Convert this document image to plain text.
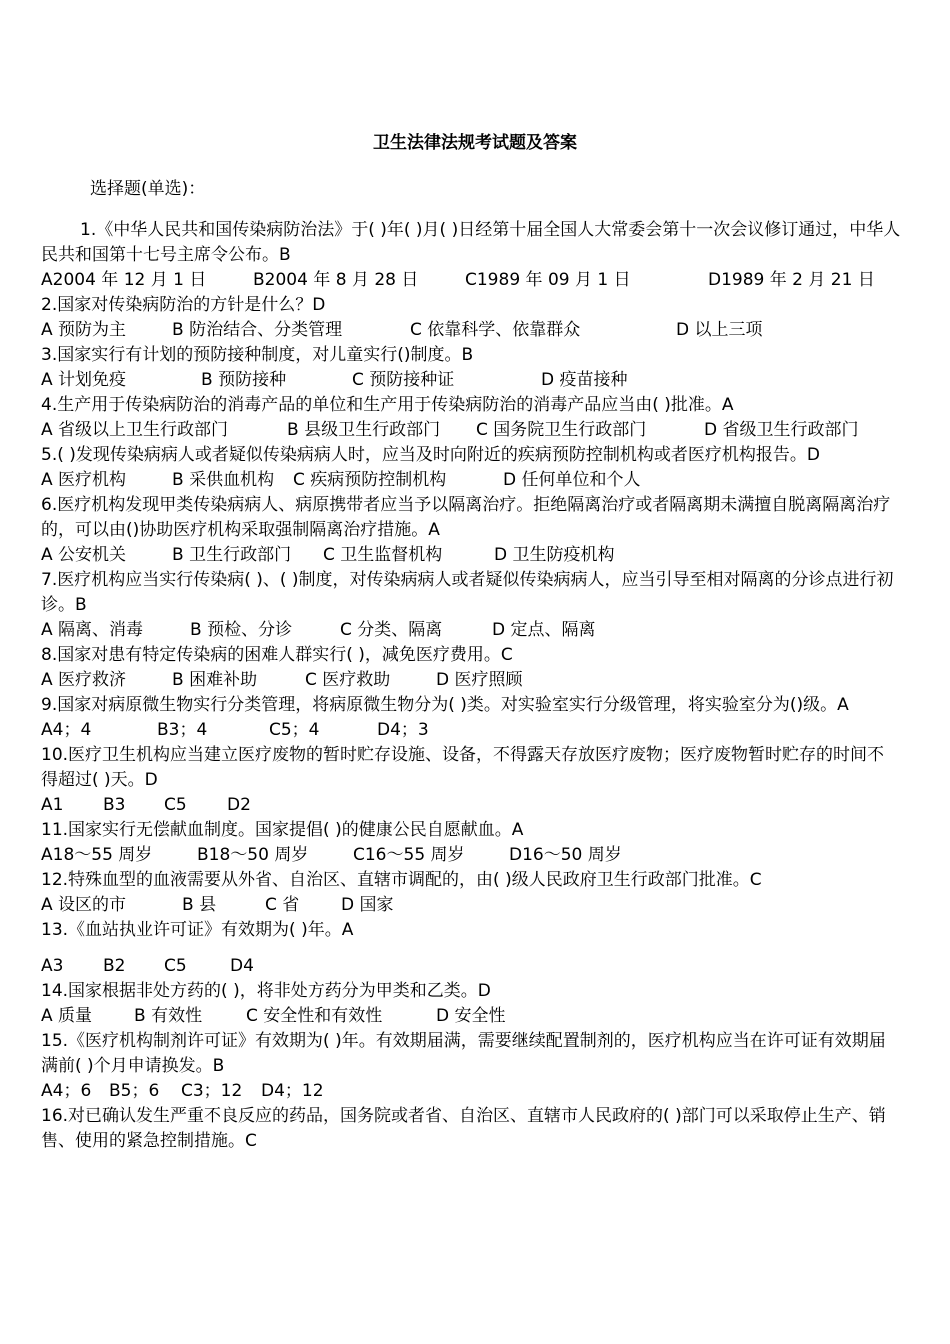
卫生法律法规考试题及答案
选择题(单选)：

1.《中华人民共和国传染病防治法》于( )年( )月( )日经第十届全国人大常委会第十一次会议修订通过，中华人民共和国第十七号主席令公布。B

A2004 年 12 月 1 日	B2004 年 8 月 28 日	C1989 年 09 月 1 日	D1989 年 2 月 21 日

2.国家对传染病防治的方针是什么？D

A 预防为主	B 防治结合、分类管理	C 依靠科学、依靠群众	D 以上三项

3.国家实行有计划的预防接种制度，对儿童实行()制度。B

A 计划免疫	B 预防接种	C 预防接种证	D 疫苗接种

4.生产用于传染病防治的消毒产品的单位和生产用于传染病防治的消毒产品应当由( )批准。A

A 省级以上卫生行政部门	B 县级卫生行政部门 C 国务院卫生行政部门	D 省级卫生行政部门

5.( )发现传染病病人或者疑似传染病病人时，应当及时向附近的疾病预防控制机构或者医疗机构报告。D

A 医疗机构	B 采供血机构 C 疾病预防控制机构	D 任何单位和个人

6.医疗机构发现甲类传染病病人、病原携带者应当予以隔离治疗。拒绝隔离治疗或者隔离期未满擅自脱离隔离治疗的，可以由()协助医疗机构采取强制隔离治疗措施。A

A 公安机关	B 卫生行政部门 C 卫生监督机构	D 卫生防疫机构

7.医疗机构应当实行传染病( )、( )制度，对传染病病人或者疑似传染病病人，应当引导至相对隔离的分诊点进行初诊。B

A 隔离、消毒	B 预检、分诊	C 分类、隔离	D 定点、隔离

8.国家对患有特定传染病的困难人群实行( )，减免医疗费用。C

A 医疗救济	B 困难补助	C 医疗救助	D 医疗照顾

9.国家对病原微生物实行分类管理，将病原微生物分为( )类。对实验室实行分级管理，将实验室分为()级。A

A4；4	B3；4	C5；4	D4；3

10.医疗卫生机构应当建立医疗废物的暂时贮存设施、设备，不得露天存放医疗废物；医疗废物暂时贮存的时间不得超过( )天。D

A1 B3 C5 D2

11.国家实行无偿献血制度。国家提倡( )的健康公民自愿献血。A

A18～55 周岁	B18～50 周岁	C16～55 周岁	D16～50 周岁

12.特殊血型的血液需要从外省、自治区、直辖市调配的，由( )级人民政府卫生行政部门批准。C

A 设区的市	B 县	C 省 D 国家

13.《血站执业许可证》有效期为( )年。A

A3 B2 C5	D4

14.国家根据非处方药的( )，将非处方药分为甲类和乙类。D

A 质量 B 有效性	C 安全性和有效性	D 安全性

15.《医疗机构制剂许可证》有效期为( )年。有效期届满，需要继续配置制剂的，医疗机构应当在许可证有效期届满前( )个月申请换发。B

A4；6 B5；6 C3；12 D4；12

16.对已确认发生严重不良反应的药品，国务院或者省、自治区、直辖市人民政府的( )部门可以采取停止生产、销售、使用的紧急控制措施。C
